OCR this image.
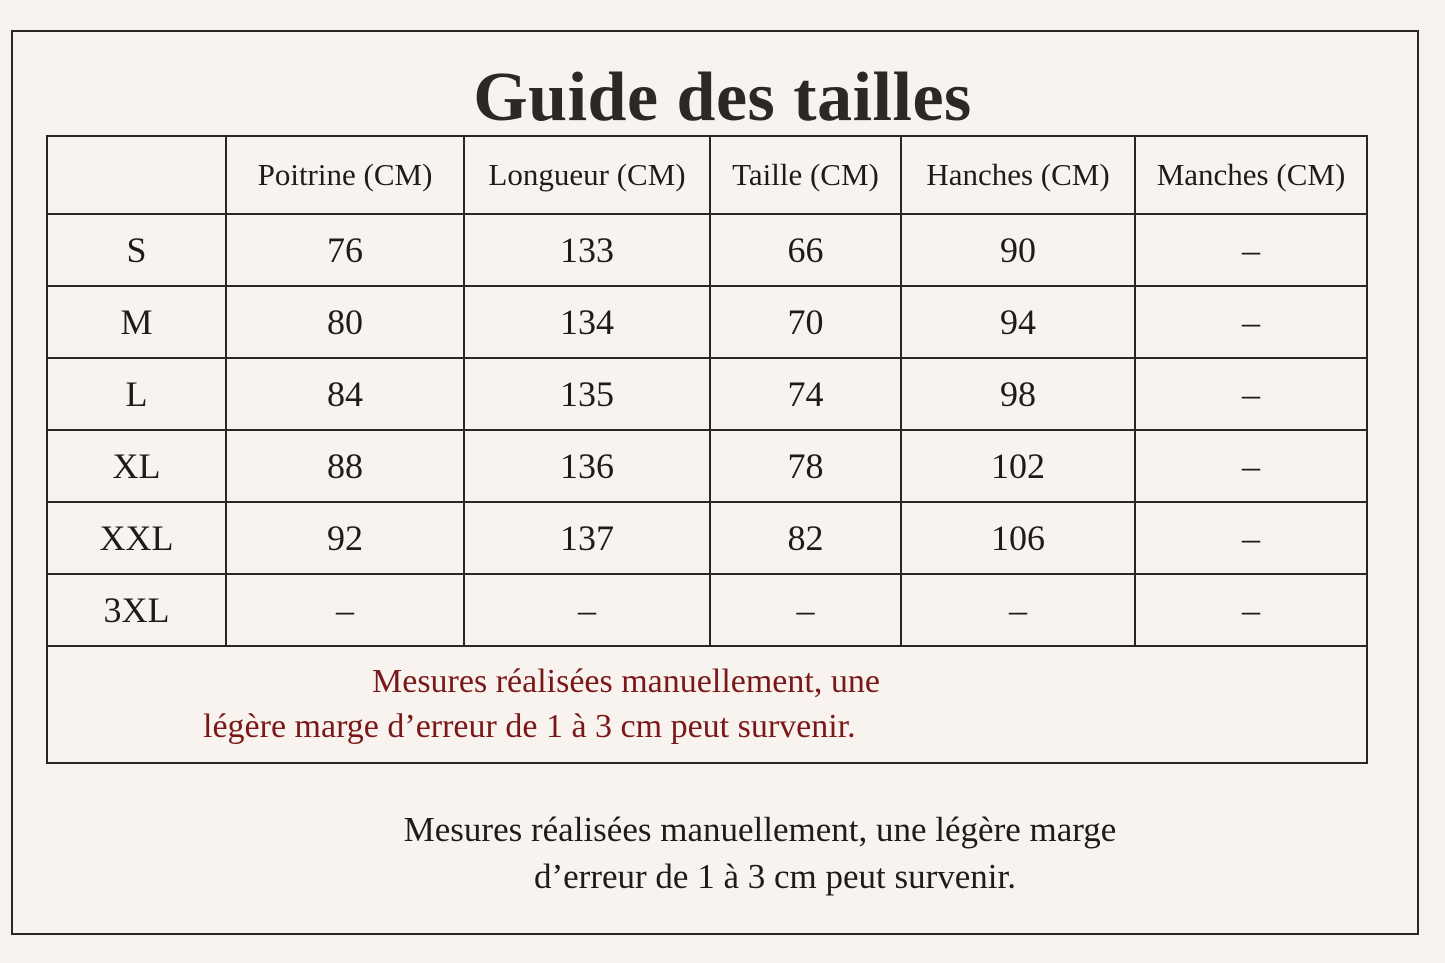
Guide des tailles
	Poitrine (CM)	Longueur (CM)	Taille (CM)	Hanches (CM)	Manches (CM)
S	76	133	66	90	–
M	80	134	70	94	–
L	84	135	74	98	–
XL	88	136	78	102	–
XXL	92	137	82	106	–
3XL	–	–	–	–	–

Mesures réalisées manuellement, une
légère marge d’erreur de 1 à 3 cm peut survenir.					
Mesures réalisées manuellement, une légère marge
d’erreur de 1 à 3 cm peut survenir.
